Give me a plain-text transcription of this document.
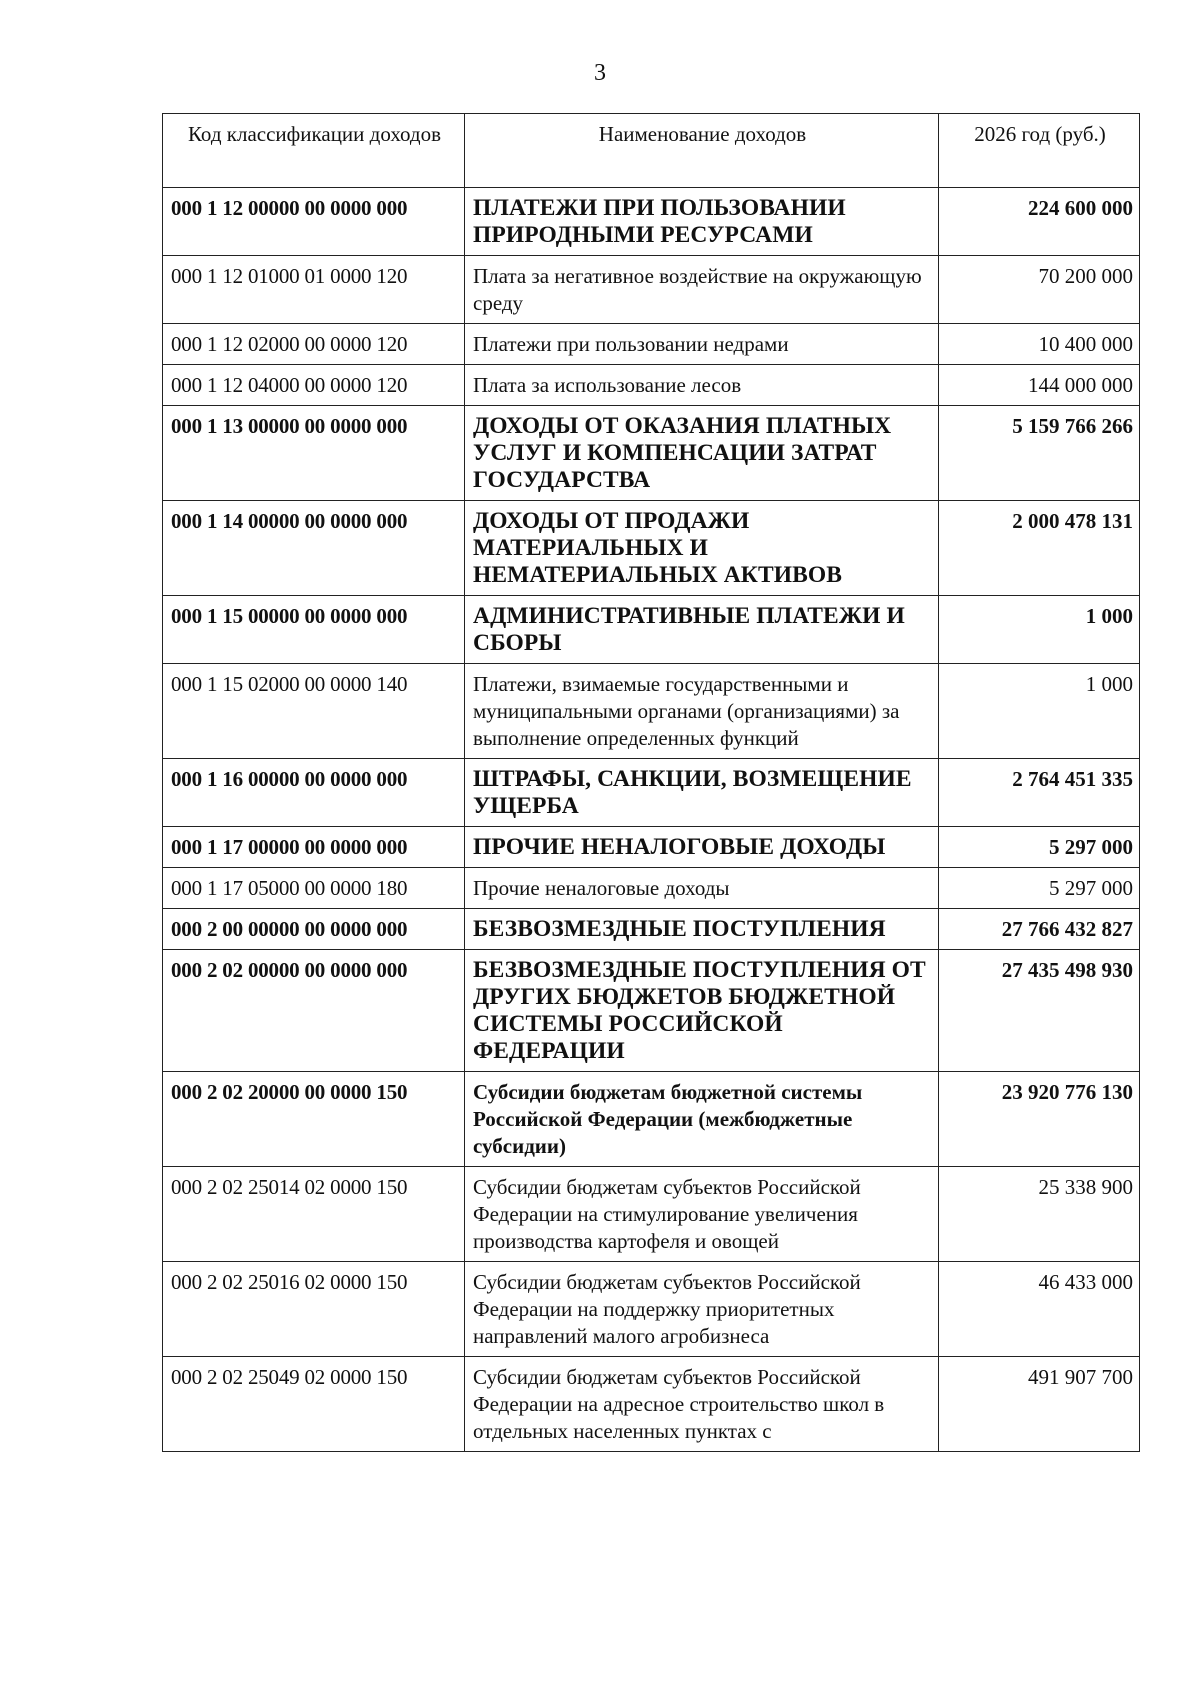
3
Код классификации доходов	Наименование доходов	2026 год (руб.)
000 1 12 00000 00 0000 000	ПЛАТЕЖИ ПРИ ПОЛЬЗОВАНИИ ПРИРОДНЫМИ РЕСУРСАМИ	224 600 000
000 1 12 01000 01 0000 120	Плата за негативное воздействие на окружающую среду	70 200 000
000 1 12 02000 00 0000 120	Платежи при пользовании недрами	10 400 000
000 1 12 04000 00 0000 120	Плата за использование лесов	144 000 000
000 1 13 00000 00 0000 000	ДОХОДЫ ОТ ОКАЗАНИЯ ПЛАТНЫХ УСЛУГ И КОМПЕНСАЦИИ ЗАТРАТ ГОСУДАРСТВА	5 159 766 266
000 1 14 00000 00 0000 000	ДОХОДЫ ОТ ПРОДАЖИ МАТЕРИАЛЬНЫХ И НЕМАТЕРИАЛЬНЫХ АКТИВОВ	2 000 478 131
000 1 15 00000 00 0000 000	АДМИНИСТРАТИВНЫЕ ПЛАТЕЖИ И СБОРЫ	1 000
000 1 15 02000 00 0000 140	Платежи, взимаемые государственными и муниципальными органами (организациями) за выполнение определенных функций	1 000
000 1 16 00000 00 0000 000	ШТРАФЫ, САНКЦИИ, ВОЗМЕЩЕНИЕ УЩЕРБА	2 764 451 335
000 1 17 00000 00 0000 000	ПРОЧИЕ НЕНАЛОГОВЫЕ ДОХОДЫ	5 297 000
000 1 17 05000 00 0000 180	Прочие неналоговые доходы	5 297 000
000 2 00 00000 00 0000 000	БЕЗВОЗМЕЗДНЫЕ ПОСТУПЛЕНИЯ	27 766 432 827
000 2 02 00000 00 0000 000	БЕЗВОЗМЕЗДНЫЕ ПОСТУПЛЕНИЯ ОТ ДРУГИХ БЮДЖЕТОВ БЮДЖЕТНОЙ СИСТЕМЫ РОССИЙСКОЙ ФЕДЕРАЦИИ	27 435 498 930
000 2 02 20000 00 0000 150	Субсидии бюджетам бюджетной системы Российской Федерации (межбюджетные субсидии)	23 920 776 130
000 2 02 25014 02 0000 150	Субсидии бюджетам субъектов Российской Федерации на стимулирование увеличения производства картофеля и овощей	25 338 900
000 2 02 25016 02 0000 150	Субсидии бюджетам субъектов Российской Федерации на поддержку приоритетных направлений малого агробизнеса	46 433 000
000 2 02 25049 02 0000 150	Субсидии бюджетам субъектов Российской Федерации на адресное строительство школ в отдельных населенных пунктах с	491 907 700
